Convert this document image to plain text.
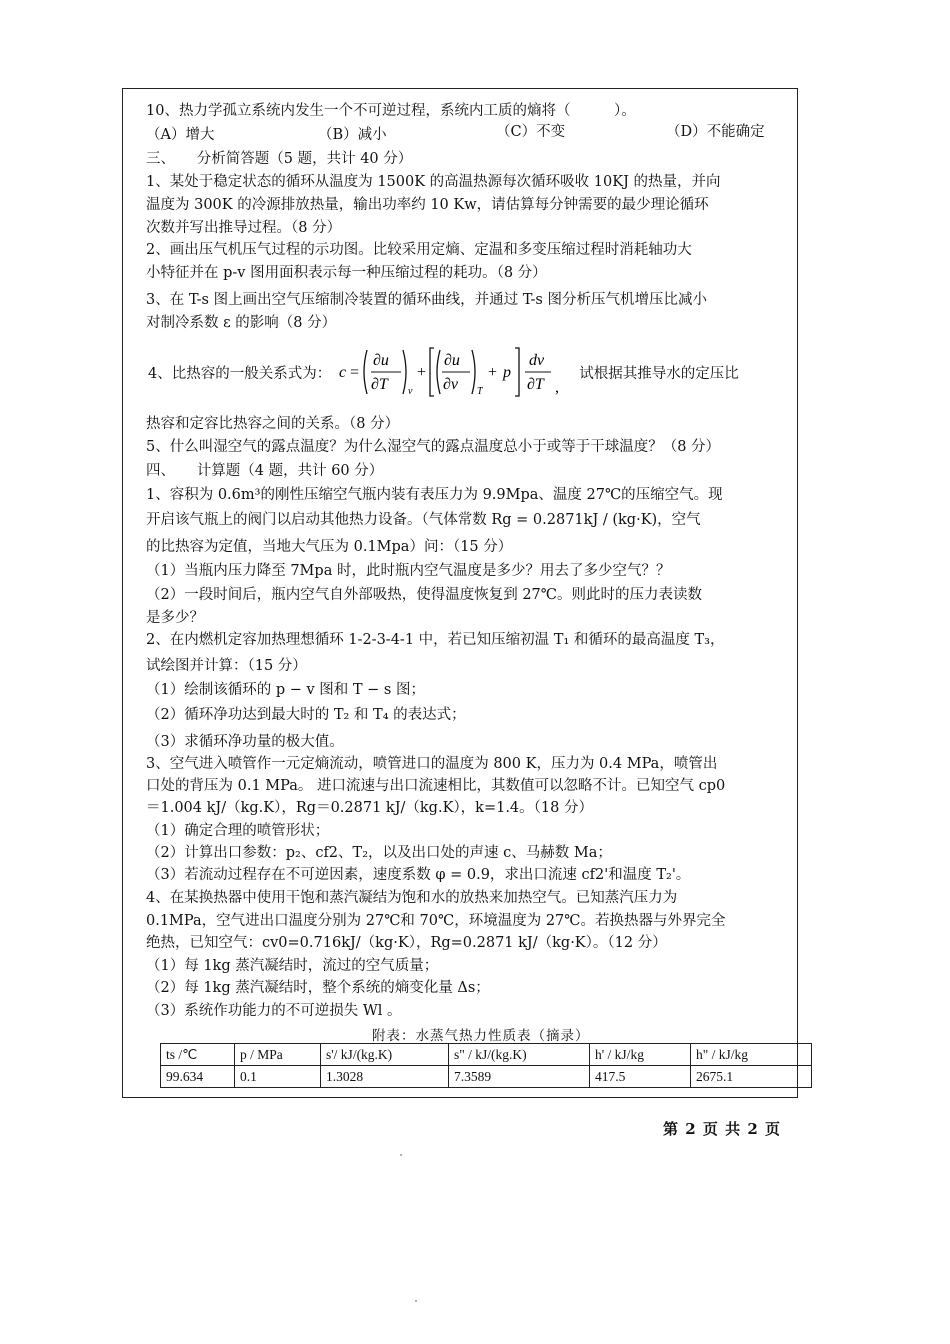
10、热力学孤立系统内发生一个不可逆过程，系统内工质的熵将（　　　）。
（A）增大	（B）减小	（C）不变	（D）不能确定
三、　　分析简答题（5 题，共计 40 分）
1、某处于稳定状态的循环从温度为 1500K 的高温热源每次循环吸收 10KJ 的热量，并向
温度为 300K 的冷源排放热量，输出功率约 10 Kw，请估算每分钟需要的最少理论循环
次数并写出推导过程。（8 分）
2、画出压气机压气过程的示功图。比较采用定熵、定温和多变压缩过程时消耗轴功大
小特征并在 p-v 图用面积表示每一种压缩过程的耗功。（8 分）
3、在 T-s 图上画出空气压缩制冷装置的循环曲线，并通过 T-s 图分析压气机增压比减小
对制冷系数 ε 的影响（8 分）
4、比热容的一般关系式为： c =
∂u
∂T v
+
∂u
∂v T
+ p
dv
∂T ,
试根据其推导水的定压比
热容和定容比热容之间的关系。（8 分）
5、什么叫湿空气的露点温度？为什么湿空气的露点温度总小于或等于干球温度？（8 分）
四、　　计算题（4 题，共计 60 分）
1、容积为 0.6m³的刚性压缩空气瓶内装有表压力为 9.9Mpa、温度 27℃的压缩空气。现
开启该气瓶上的阀门以启动其他热力设备。（气体常数 Rg = 0.2871kJ / (kg·K)，空气
的比热容为定值，当地大气压为 0.1Mpa）问：（15 分）
（1）当瓶内压力降至 7Mpa 时，此时瓶内空气温度是多少？用去了多少空气？？
（2）一段时间后，瓶内空气自外部吸热，使得温度恢复到 27℃。则此时的压力表读数
是多少？
2、在内燃机定容加热理想循环 1-2-3-4-1 中，若已知压缩初温 T₁ 和循环的最高温度 T₃，
试绘图并计算：（15 分）
（1）绘制该循环的 p − v 图和 T − s 图；
（2）循环净功达到最大时的 T₂ 和 T₄ 的表达式；
（3）求循环净功量的极大值。
3、空气进入喷管作一元定熵流动，喷管进口的温度为 800 K，压力为 0.4 MPa，喷管出
口处的背压为 0.1 MPa。 进口流速与出口流速相比，其数值可以忽略不计。已知空气 cp0
＝1.004 kJ/（kg.K），Rg＝0.2871 kJ/（kg.K），k=1.4。（18 分）
（1）确定合理的喷管形状；
（2）计算出口参数：p₂、cf2、T₂，以及出口处的声速 c、马赫数 Ma；
（3）若流动过程存在不可逆因素，速度系数 φ = 0.9，求出口流速 cf2'和温度 T₂'。
4、在某换热器中使用干饱和蒸汽凝结为饱和水的放热来加热空气。已知蒸汽压力为
0.1MPa，空气进出口温度分别为 27℃和 70℃，环境温度为 27℃。若换热器与外界完全
绝热，已知空气：cv0=0.716kJ/（kg·K），Rg=0.2871 kJ/（kg·K）。（12 分）
（1）每 1kg 蒸汽凝结时，流过的空气质量；
（2）每 1kg 蒸汽凝结时，整个系统的熵变化量 Δs；
（3）系统作功能力的不可逆损失 Wl 。
附表：水蒸气热力性质表（摘录）
ts /℃	p / MPa	s'/ kJ/(kg.K)	s" / kJ/(kg.K)	h' / kJ/kg	h" / kJ/kg
99.634	0.1	1.3028	7.3589	417.5	2675.1
第 2 页 共 2 页
